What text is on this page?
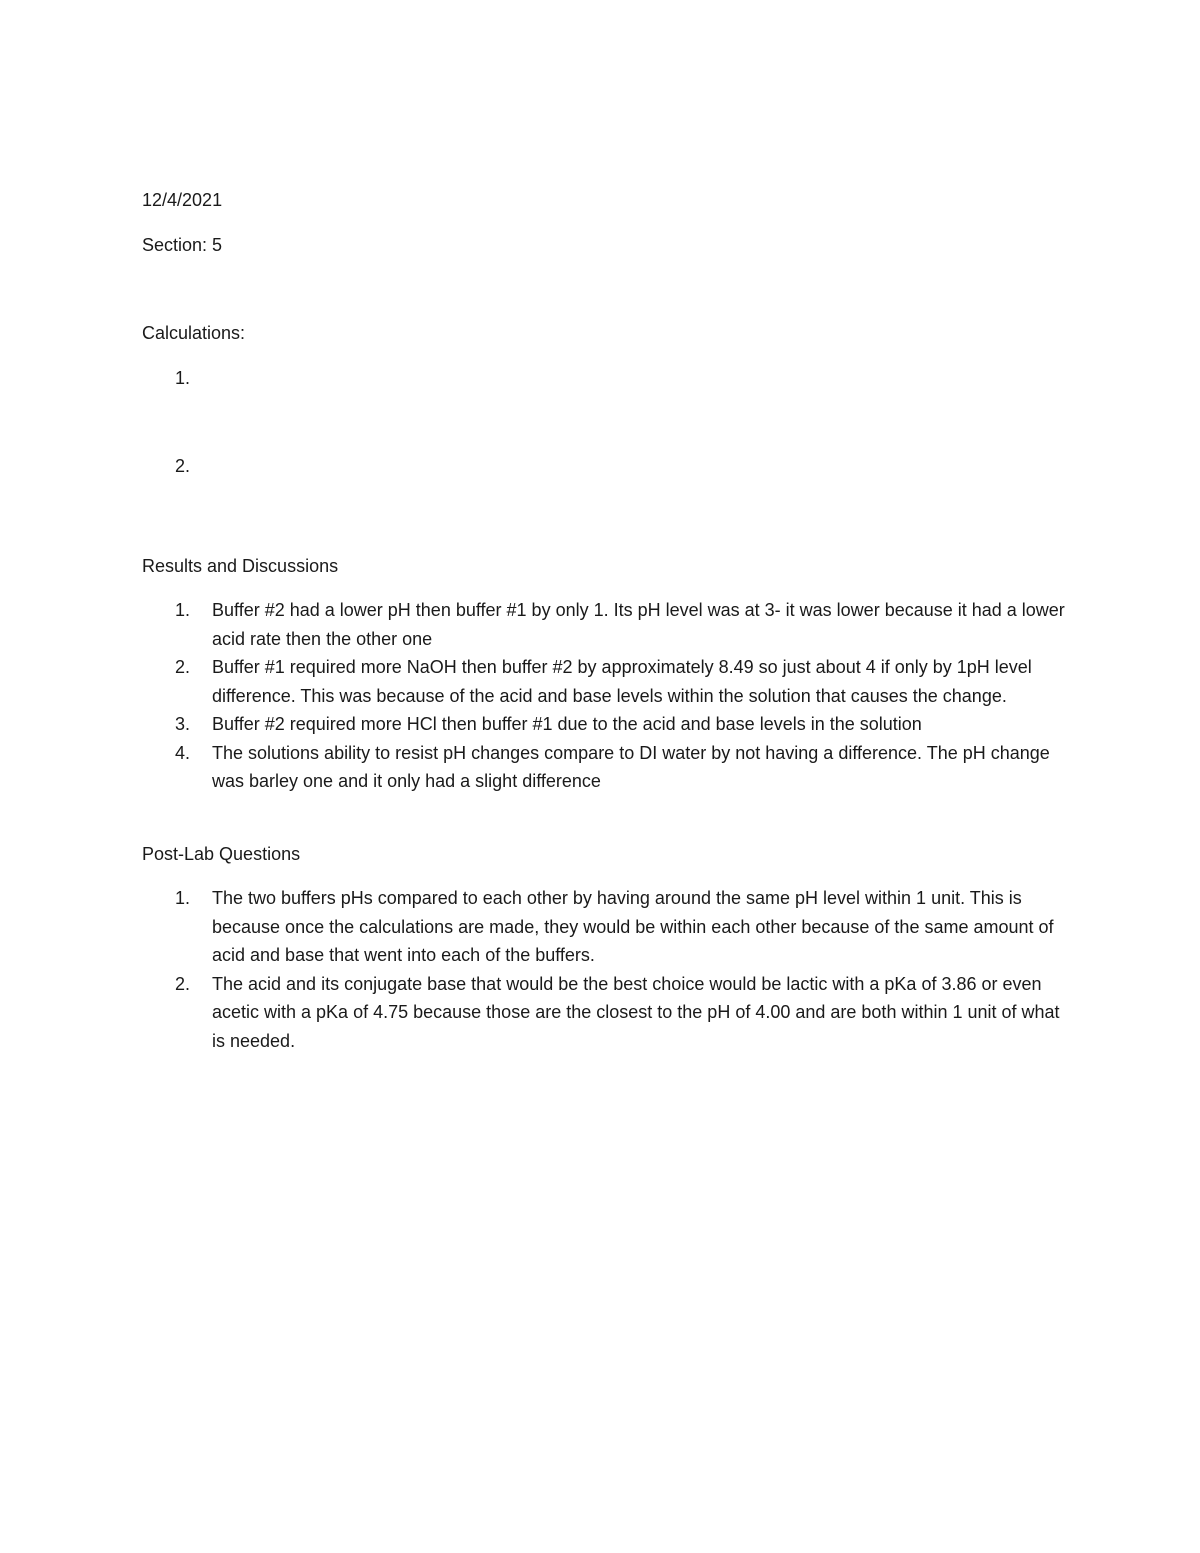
12/4/2021
Section: 5
Calculations:
1.
2.
Results and Discussions
1. Buffer #2 had a lower pH then buffer #1 by only 1. Its pH level was at 3- it was lower because it had a lower acid rate then the other one
2. Buffer #1 required more NaOH then buffer #2 by approximately 8.49 so just about 4 if only by 1pH level difference. This was because of the acid and base levels within the solution that causes the change.
3. Buffer #2 required more HCl then buffer #1 due to the acid and base levels in the solution
4. The solutions ability to resist pH changes compare to DI water by not having a difference. The pH change was barley one and it only had a slight difference
Post-Lab Questions
1. The two buffers pHs compared to each other by having around the same pH level within 1 unit. This is because once the calculations are made, they would be within each other because of the same amount of acid and base that went into each of the buffers.
2. The acid and its conjugate base that would be the best choice would be lactic with a pKa of 3.86 or even acetic with a pKa of 4.75 because those are the closest to the pH of 4.00 and are both within 1 unit of what is needed.
